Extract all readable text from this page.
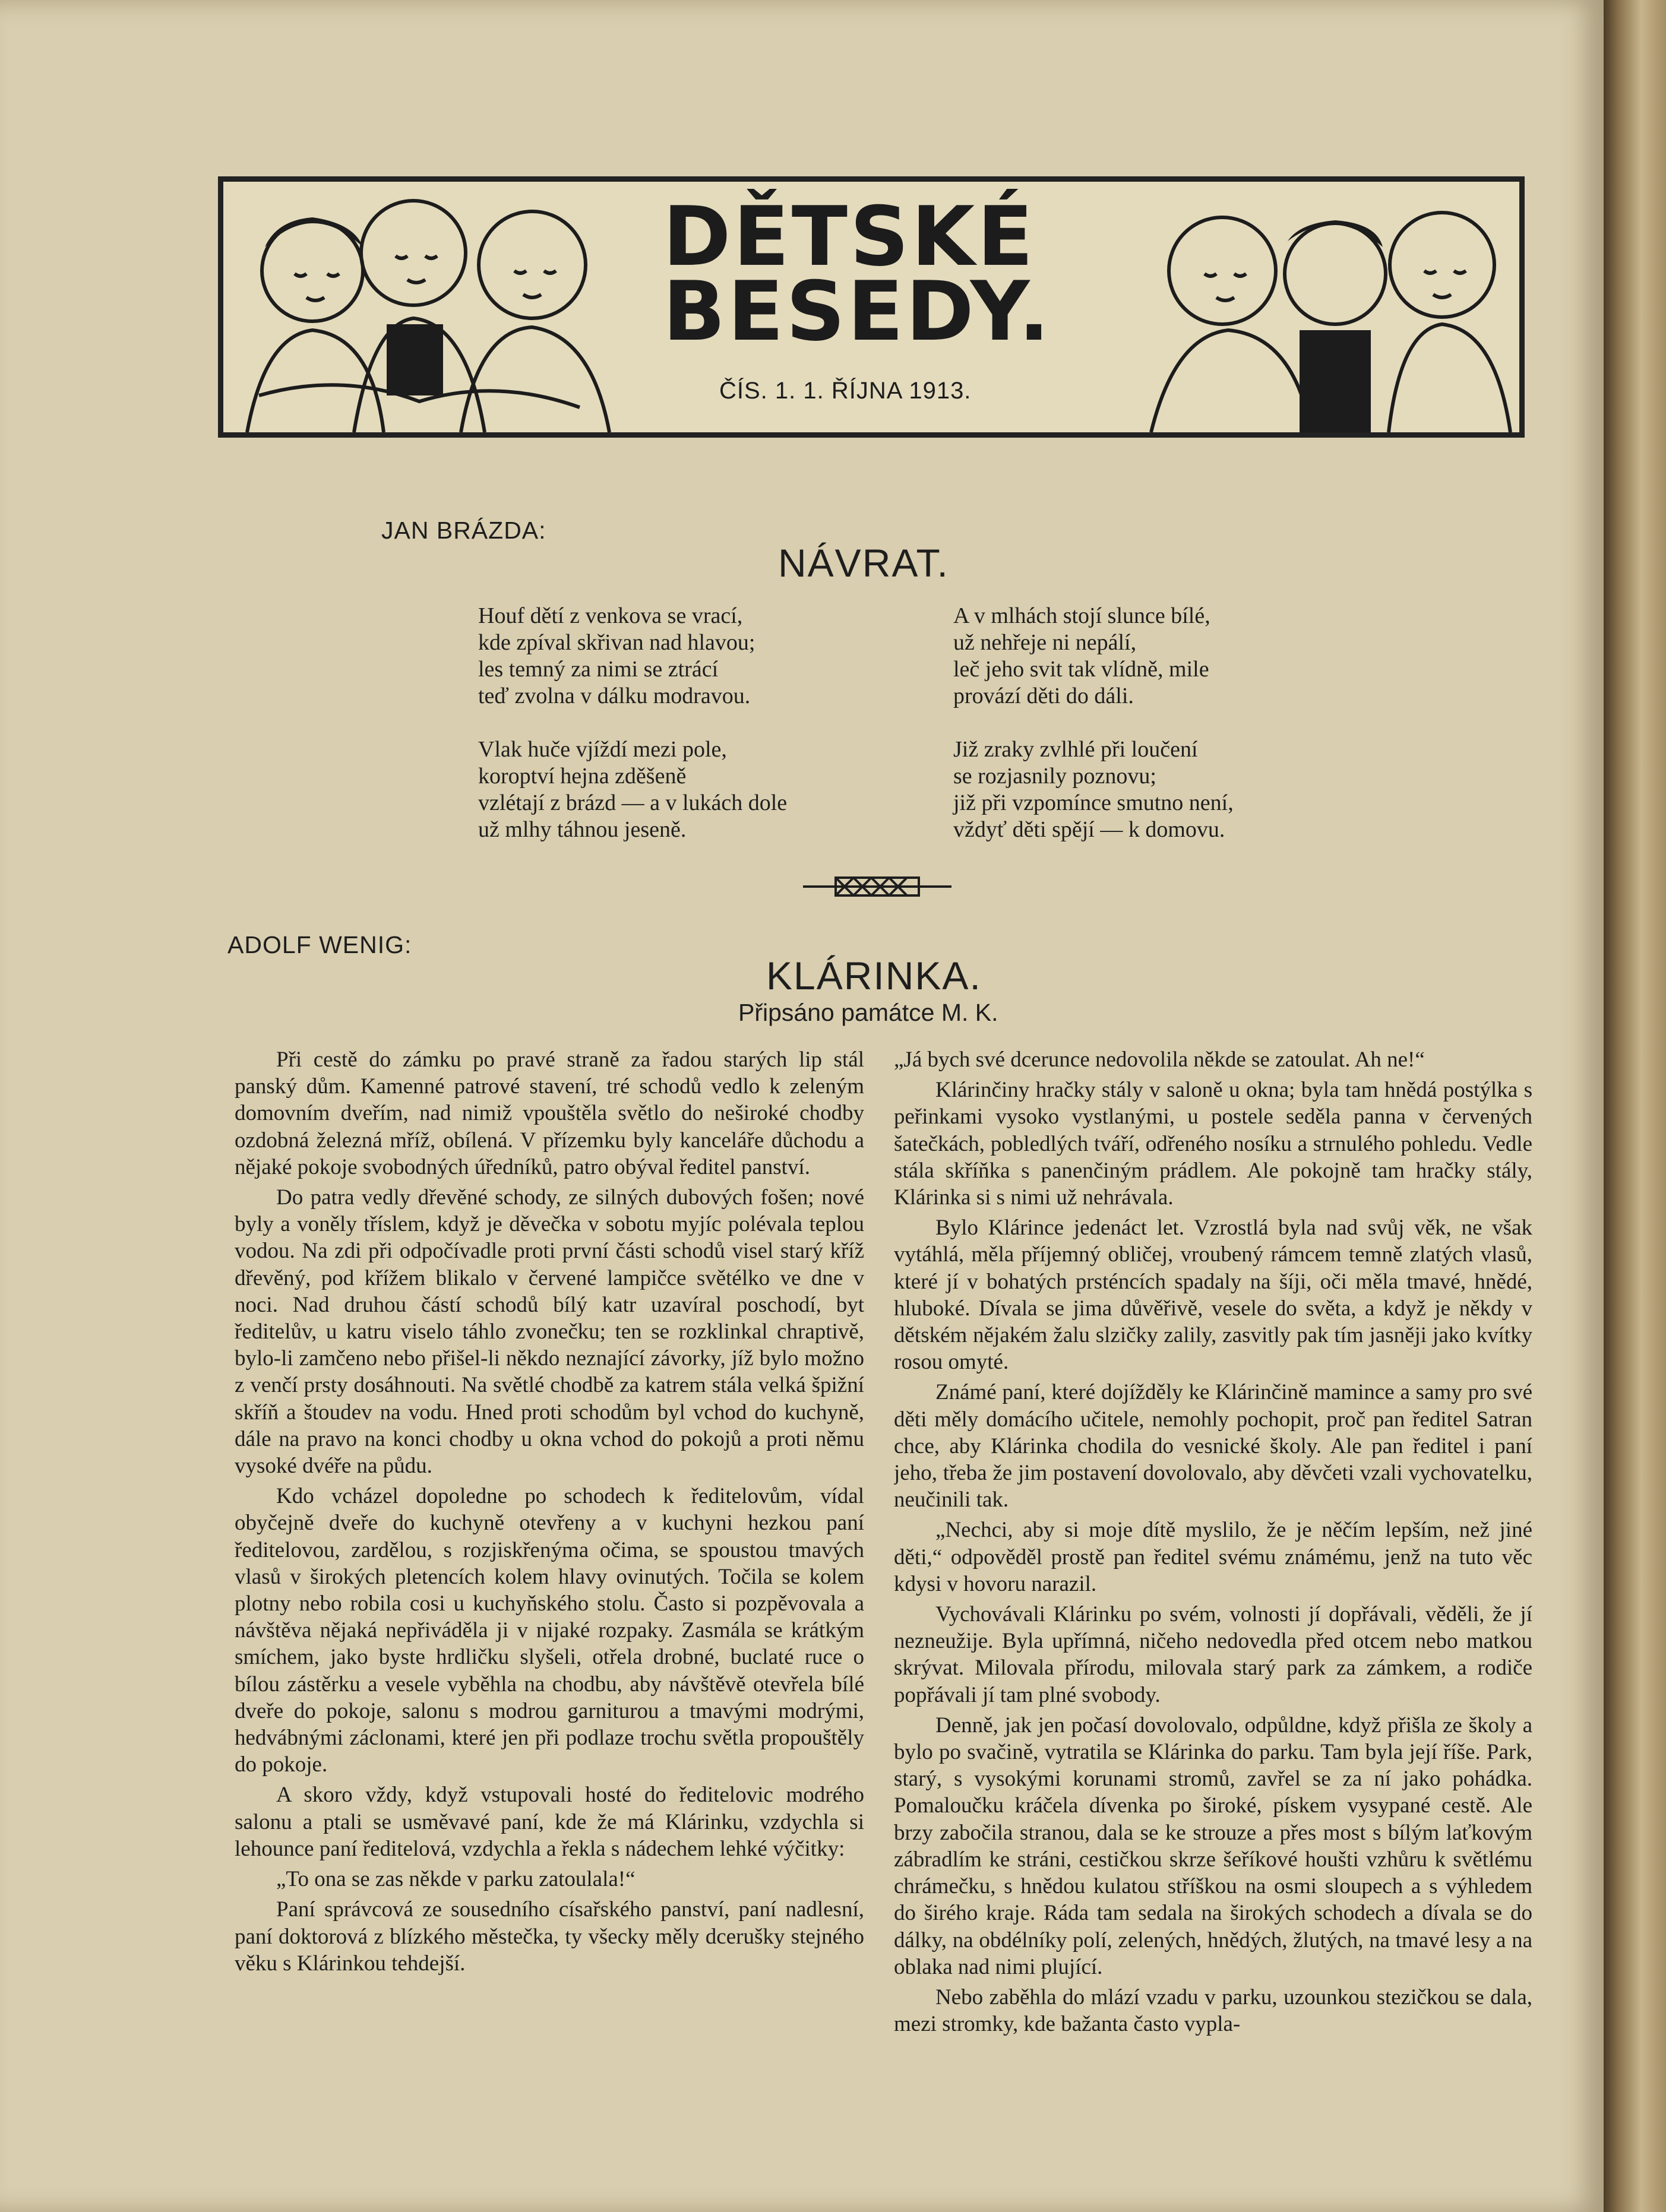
DĚTSKÉ
BESEDY.
ČÍS. 1. 1. ŘÍJNA 1913.
JAN BRÁZDA:
NÁVRAT.
Houf dětí z venkova se vrací,
kde zpíval skřivan nad hlavou;
les temný za nimi se ztrácí
teď zvolna v dálku modravou.
Vlak huče vjíždí mezi pole,
koroptví hejna zděšeně
vzlétají z brázd — a v lukách dole
už mlhy táhnou jeseně.
A v mlhách stojí slunce bílé,
už nehřeje ni nepálí,
leč jeho svit tak vlídně, mile
provází děti do dáli.
Již zraky zvlhlé při loučení
se rozjasnily poznovu;
již při vzpomínce smutno není,
vždyť děti spějí — k domovu.
ADOLF WENIG:
KLÁRINKA.
Připsáno památce M. K.

Při cestě do zámku po pravé straně za řadou starých lip stál panský dům. Kamenné patrové stavení, tré schodů vedlo k zeleným domovním dveřím, nad nimiž vpouštěla světlo do neširoké chodby ozdobná železná mříž, obílená. V přízemku byly kanceláře důchodu a nějaké pokoje svobodných úředníků, patro obýval ředitel panství.

Do patra vedly dřevěné schody, ze silných dubových fošen; nové byly a voněly tříslem, když je děvečka v sobotu myjíc polévala teplou vodou. Na zdi při odpočívadle proti první části schodů visel starý kříž dřevěný, pod křížem blikalo v červené lampičce světélko ve dne v noci. Nad druhou částí schodů bílý katr uzavíral poschodí, byt ředitelův, u katru viselo táhlo zvonečku; ten se rozklinkal chraptivě, bylo-li zamčeno nebo přišel-li někdo neznající závorky, jíž bylo možno z venčí prsty dosáhnouti. Na světlé chodbě za katrem stála velká špižní skříň a štoudev na vodu. Hned proti schodům byl vchod do kuchyně, dále na pravo na konci chodby u okna vchod do pokojů a proti němu vysoké dvéře na půdu.

Kdo vcházel dopoledne po schodech k ředitelovům, vídal obyčejně dveře do kuchyně otevřeny a v kuchyni hezkou paní ředitelovou, zardělou, s rozjiskřenýma očima, se spoustou tmavých vlasů v širokých pletencích kolem hlavy ovinutých. Točila se kolem plotny nebo robila cosi u kuchyňského stolu. Často si pozpěvovala a návštěva nějaká nepřiváděla ji v nijaké rozpaky. Zasmála se krátkým smíchem, jako byste hrdličku slyšeli, otřela drobné, buclaté ruce o bílou zástěrku a vesele vyběhla na chodbu, aby návštěvě otevřela bílé dveře do pokoje, salonu s modrou garniturou a tmavými modrými, hedvábnými záclonami, které jen při podlaze trochu světla propouštěly do pokoje.

A skoro vždy, když vstupovali hosté do ředitelovic modrého salonu a ptali se usměvavé paní, kde že má Klárinku, vzdychla si lehounce paní ředitelová, vzdychla a řekla s nádechem lehké výčitky:

„To ona se zas někde v parku zatoulala!“

Paní správcová ze sousedního císařského panství, paní nadlesní, paní doktorová z blízkého městečka, ty všecky měly dcerušky stejného věku s Klárinkou tehdejší.

„Já bych své dcerunce nedovolila někde se zatoulat. Ah ne!“

Klárinčiny hračky stály v saloně u okna; byla tam hnědá postýlka s peřinkami vysoko vystlanými, u postele seděla panna v červených šatečkách, pobledlých tváří, odřeného nosíku a strnulého pohledu. Vedle stála skříňka s panenčiným prádlem. Ale pokojně tam hračky stály, Klárinka si s nimi už nehrávala.

Bylo Klárince jedenáct let. Vzrostlá byla nad svůj věk, ne však vytáhlá, měla příjemný obličej, vroubený rámcem temně zlatých vlasů, které jí v bohatých prsténcích spadaly na šíji, oči měla tmavé, hnědé, hluboké. Dívala se jima důvěřivě, vesele do světa, a když je někdy v dětském nějakém žalu slzičky zalily, zasvitly pak tím jasněji jako kvítky rosou omyté.

Známé paní, které dojížděly ke Klárinčině mamince a samy pro své děti měly domácího učitele, nemohly pochopit, proč pan ředitel Satran chce, aby Klárinka chodila do vesnické školy. Ale pan ředitel i paní jeho, třeba že jim postavení dovolovalo, aby děvčeti vzali vychovatelku, neučinili tak.

„Nechci, aby si moje dítě myslilo, že je něčím lepším, než jiné děti,“ odpověděl prostě pan ředitel svému známému, jenž na tuto věc kdysi v hovoru narazil.

Vychovávali Klárinku po svém, volnosti jí dopřávali, věděli, že jí nezneužije. Byla upřímná, ničeho nedovedla před otcem nebo matkou skrývat. Milovala přírodu, milovala starý park za zámkem, a rodiče popřávali jí tam plné svobody.

Denně, jak jen počasí dovolovalo, odpůldne, když přišla ze školy a bylo po svačině, vytratila se Klárinka do parku. Tam byla její říše. Park, starý, s vysokými korunami stromů, zavřel se za ní jako pohádka. Pomaloučku kráčela dívenka po široké, pískem vysypané cestě. Ale brzy zabočila stranou, dala se ke strouze a přes most s bílým laťkovým zábradlím ke stráni, cestičkou skrze šeříkové houšti vzhůru k světlému chrámečku, s hnědou kulatou stříškou na osmi sloupech a s výhledem do širého kraje. Ráda tam sedala na širokých schodech a dívala se do dálky, na obdélníky polí, zelených, hnědých, žlutých, na tmavé lesy a na oblaka nad nimi plující.

Nebo zaběhla do mlází vzadu v parku, uzounkou stezičkou se dala, mezi stromky, kde bažanta často vypla-
